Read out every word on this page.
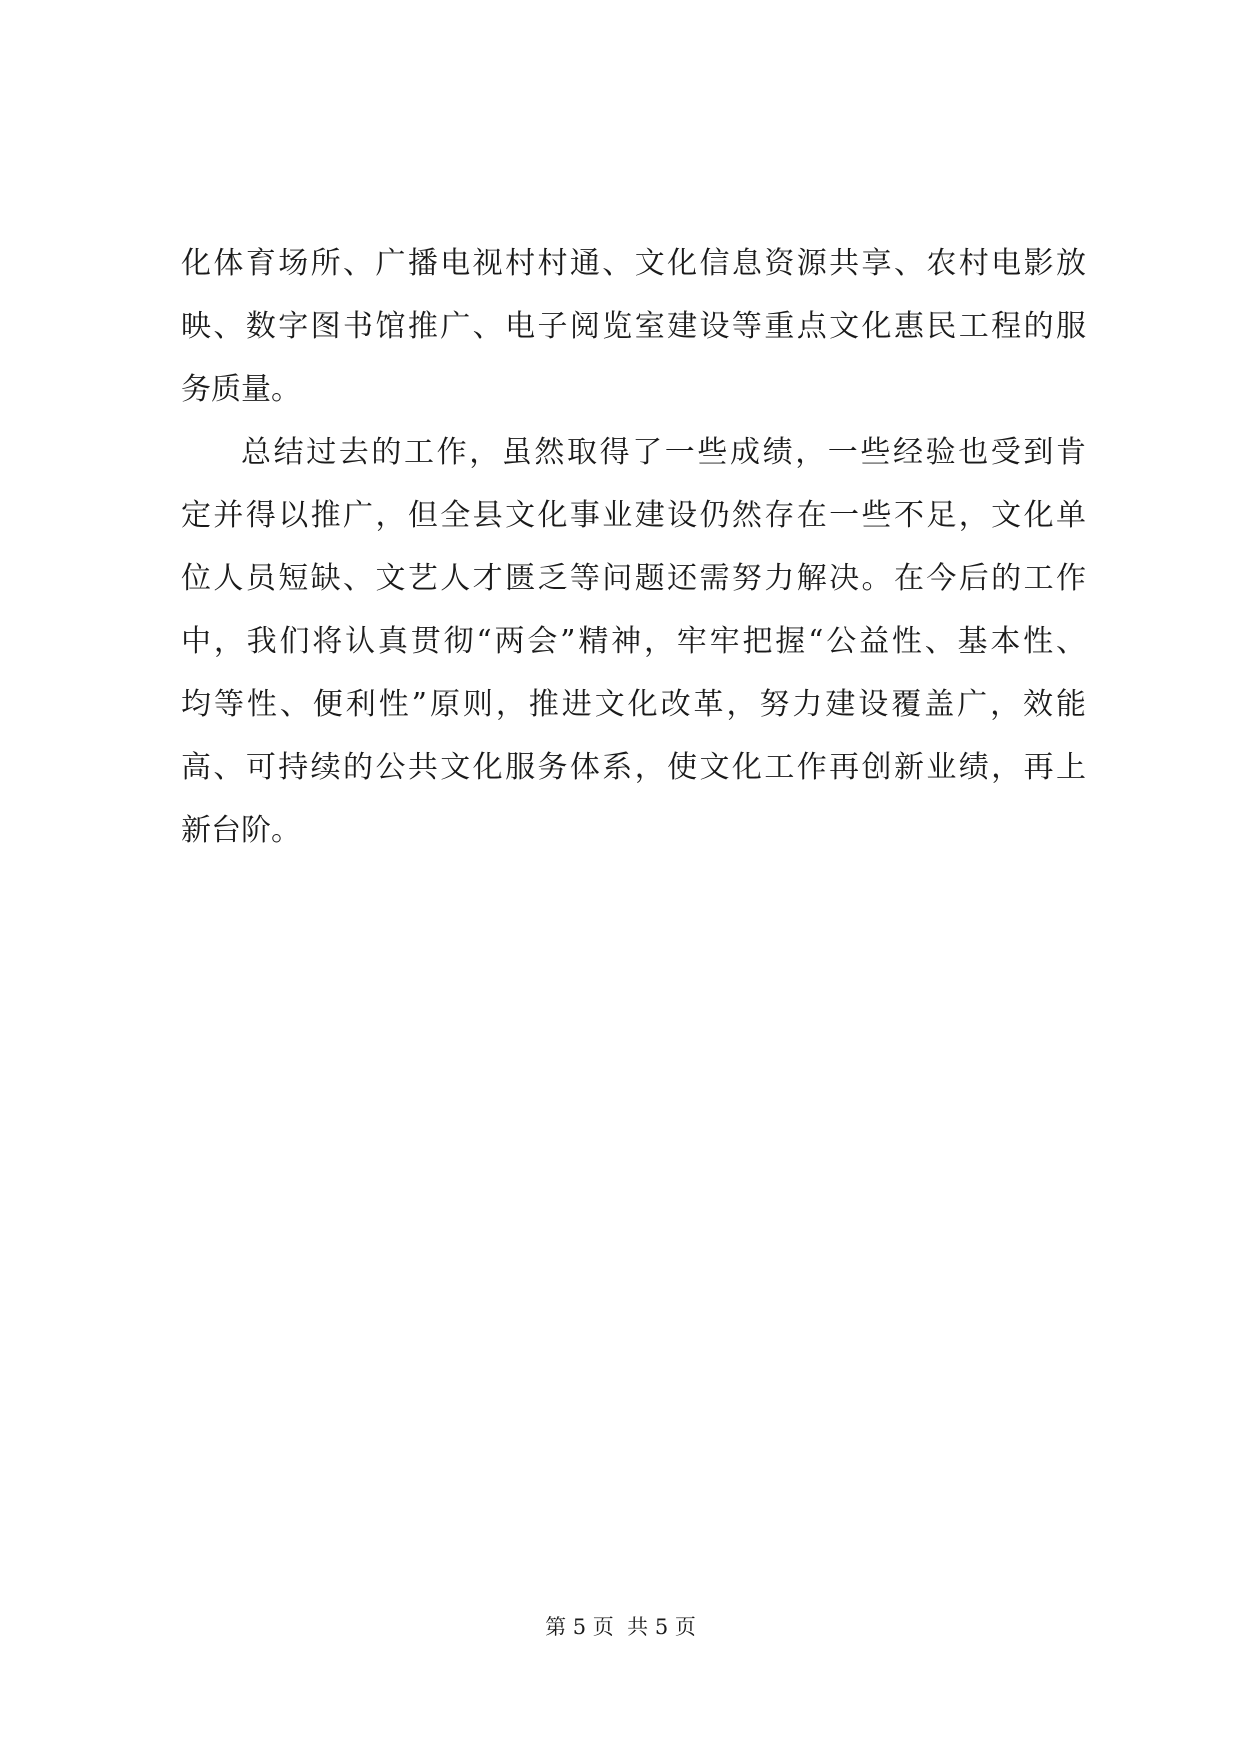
化体育场所、广播电视村村通、文化信息资源共享、农村电影放
映、数字图书馆推广、电子阅览室建设等重点文化惠民工程的服
务质量。
总结过去的工作，虽然取得了一些成绩，一些经验也受到肯
定并得以推广，但全县文化事业建设仍然存在一些不足，文化单
位人员短缺、文艺人才匮乏等问题还需努力解决。在今后的工作
中，我们将认真贯彻“两会”精神，牢牢把握“公益性、基本性、
均等性、便利性”原则，推进文化改革，努力建设覆盖广，效能
高、可持续的公共文化服务体系，使文化工作再创新业绩，再上
新台阶。
第 5 页 共 5 页
